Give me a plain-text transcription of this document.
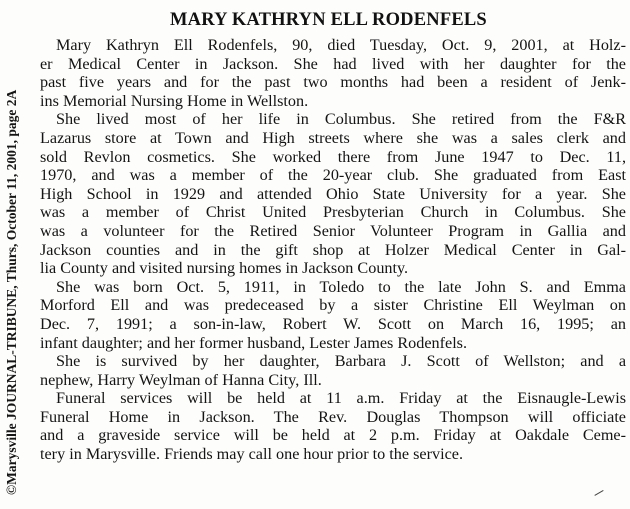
©Marysville JOURNAL-TRIBUNE, Thurs, October 11, 2001, page 2A
MARY KATHRYN ELL RODENFELS
Mary Kathryn Ell Rodenfels, 90, died Tuesday, Oct. 9, 2001, at Holz-
er Medical Center in Jackson. She had lived with her daughter for the
past five years and for the past two months had been a resident of Jenk-
ins Memorial Nursing Home in Wellston.
She lived most of her life in Columbus. She retired from the F&R
Lazarus store at Town and High streets where she was a sales clerk and
sold Revlon cosmetics. She worked there from June 1947 to Dec. 11,
1970, and was a member of the 20-year club. She graduated from East
High School in 1929 and attended Ohio State University for a year. She
was a member of Christ United Presbyterian Church in Columbus. She
was a volunteer for the Retired Senior Volunteer Program in Gallia and
Jackson counties and in the gift shop at Holzer Medical Center in Gal-
lia County and visited nursing homes in Jackson County.
She was born Oct. 5, 1911, in Toledo to the late John S. and Emma
Morford Ell and was predeceased by a sister Christine Ell Weylman on
Dec. 7, 1991; a son-in-law, Robert W. Scott on March 16, 1995; an
infant daughter; and her former husband, Lester James Rodenfels.
She is survived by her daughter, Barbara J. Scott of Wellston; and a
nephew, Harry Weylman of Hanna City, Ill.
Funeral services will be held at 11 a.m. Friday at the Eisnaugle-Lewis
Funeral Home in Jackson. The Rev. Douglas Thompson will officiate
and a graveside service will be held at 2 p.m. Friday at Oakdale Ceme-
tery in Marysville. Friends may call one hour prior to the service.
